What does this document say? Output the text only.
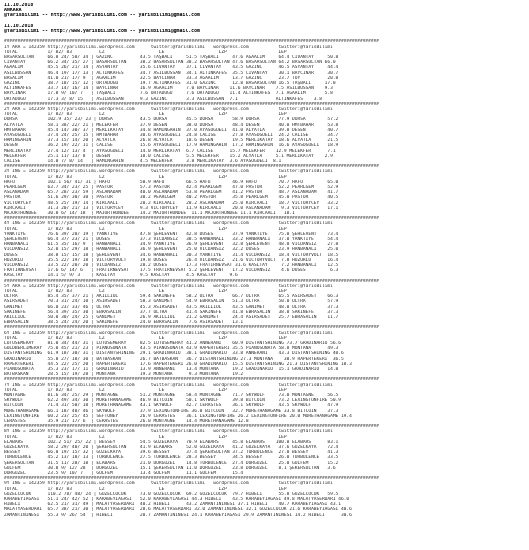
11.10.2018
ANKARA
@YarisBilimi -- http://www.yarisbilimi.com -- yarisbilimi@gmail.com
11.10.2018
@YarisBilimi -- http://www.yarisbilimi.com -- yarisbilimi@gmail.com
##########################################################################################################################################
1Y ARA = 142359 http://yarisbilimi.wordpress.com      twitter:@YarisBilimi   wordpress.com           twitter:@YarisBilimi
TOTAL           1/ 82/ 83          LZ                    LE                    LZP                   LEP
BASARSULTAN     66.8 24/ 50/ 34 | GAZINC          43.5 TAŞBALI     51.5 TAŞBALI     47.6 AGAALIM     64.4 CIVANTAY     50.8
CIVANTAY        66.2 34/ 35/ 27 | BASARSULTAN     38.2 BASARSULTAN 38.2 BASARSULTAN 47.6 BASARSULTAN 64.2 BASARSULTAN 66.0
AGAALIM         45.5 26/ 21/ 14 | ASYANTAY        35.6 CIVANTAY    37.1 CIVANTAY    43.5 GAZINC      46.5 ASYANTAY     44.4
ASILBUSSAN      46.4 19/ 17/ 13 | ALTINKAFES      34.7 ASILBUSSAN  34.1 ALTINKAFES  35.5 CIVANTAY    30.1 BAYCINAR     30.7
BASALIM         41.0 21/ 17/ 9  | AGAALIM         32.5 BAYCINAR    33.3 AGAALIM     13.7 GAZINC      23.7 TOY          20.8
GAZINC          38.7 18/ 15/ 12 | ORTADUGU        19.7 ALTINKAFES  31.0 GAZINC      12.8 BASARSULTAN 16.5 TAŞBALI     17.0
ALTINKAFES      33.7 14/ 16/ 14 | BAYCINAR        16.9 AGAALIM     7.0 BAYCINAR    11.6 BAYCINAR    7.5 ASILBUSSAN    9.3
BAYCINAR        17.8 9/ 10/ 7   | TAŞBALI         7.6 ORTADUGU     7.6 ORTADUGU    11.4 ALTINKAFES  7.1 AGAALIM       5.8
ORTADUGU        17.3 3/ 8/ 15   | ASILBUSSAN      9.3 GAZINC       3.3 ASILBUSSAN  7.1              ALTINKAFES    3.8
##########################################################################################################################################
2Y ARA = 142359 http://yarisbilimi.wordpress.com      twitter:@YarisBilimi   wordpress.com           twitter:@YarisBilimi
TOTAL           1/ 82/ 83          LZ                    LE                    LZP                   LEP
DORSA           102.9 35/ 23/ 23 | DORSA          43.5 DORSA       45.5 DORSA       58.9 DORSA       77.9 DORSA        57.2
ALYATLA         58.1 38/ 22/ 21 | MELEKFER        37.9 DESEN       38.0 DORSA       48.4 DESEN       40.0 HMTBAHAR     53.8
HMTBAHAR        45.4 14/ 30/ 37 | MERLIKATAY      34.8 HAMINGAHIN  37.0 AYASOGUELI  41.0 ALYATLA     39.8 DESEN        40.7
AYASOGUELI      37.4 24/ 25/ 15 | HMTBAHAR        30.6 AYASOGUELI  24.8 CALISE      27.8 AYASOGUELI  24.2 CALISE       34.7
HAMINGAHIN      37.3 15/ 14/ 20 | ALYATLA         26.8 ALYATLA     18.6 DESEN       19.5 MERLIKATAY  18.6 ALYATLA      21.5
DESEN           36.2 19/ 22/ 11 | CALISE          15.6 AYASOGUELI  17.9 HAMINGAHIN  17.2 HAMINGAHIN  16.6 AYASOGUELI   18.9
MERLIKATAY      27.4 12/ 13/ 4  | AYASOGUELI      14.0 MERLIKATAY  6.7 CALISE      15.7 MELEKFER    12.9 MELEKFER      7.1
MELEKFER        25.1 11/ 13/ 8  | DESEN           10.0 CALISE      5.5 MELEKFER    15.2 ALYATLA     5.1 MERLIKATAY    2.9
CALISE          14.0 7/ 8/ 14   | HAMINGAHIN      4.5 MELEKFER     3.8 MERLIKATAY  3.6 AYASOGUELI  8.1
##########################################################################################################################################
3Y ING = 142359 http://yarisbilimi.wordpress.com      twitter:@YarisBilimi   wordpress.com           twitter:@YarisBilimi
TOTAL           1/ 82/ 83          LZ                    LE                    LZP                   LEP
HAFO            102.1 56/ 41/ 31 | HAFO           50.9 HAFO        66.5 HAFO        46.9 HAFO        70.7 HAFO         65.0
PEARLGEM        63.7 34/ 23/ 25 | PASTOR          57.3 PASTOR      42.4 PEARLGEM    47.0 PASTOR      52.2 PEARLGEM     52.9
ASLANADAM       65.7 28/ 23/ 59 | ASLANADAM       40.0 ASLANADAM   53.8 PEARLGEM    41.2 PASTOR      48.7 ASLANADAM    41.7
PASTOR          51.6 29/ 30/ 30 | PASTOR          30.2 PEARLGEM    40.2 PASTOR      35.8 PEARLGEM    45.0 PASTOR       40.5
VICTORYCEY      48.5 25/ 19/ 14 | KIRCAALI        20.2 KIRCAALI    20.2 ASLANADAM   25.0 KIRCAALI    18.7 VICTORYCEY   33.2
KIRCAALI        31.3 20/ 21/ 13 | VICTORYCEY      9.3 VICTORYCEY   11.9 KIRCAALI    20.0 ASLANADAM    9.3 VICTORYCEY   17.1
MAJORTHUNDEE    30.8 6/ 14/ 18  | MAJORTHUNDEE    14.2 MAJORTHUNDEE  11.1 MAJORTHUNDEE 11.1 KIRCAALI   18.1
##########################################################################################################################################
4Y ING = 142359 http://yarisbilimi.wordpress.com      twitter:@YarisBilimi   wordpress.com           twitter:@YarisBilimi
TOTAL           1/ 82/ 83          LZ                    LE                    LZP                   LEP
YANKTIYE        76.6 39/ 20/ 19 | YANKTIYE        47.8 ŞEHLEVENT   42.8 DUSES       37.9 YANKTIYE    75.0 ŞEHLEVENT    73.4
ŞEHLEVENT       66.4 37/ 23/ 21 | DUSES           37.3 VICDANSIZ   38.5 HANBANALI   33.2 HANBANALI   37.0 YANKTIYE     54.4
HANBANALI       61.5 35/ 16/ 9  | HANBANALI       34.9 YANKTIYE    36.9 ŞEHLEVENT   32.8 ŞEHLEVENT   48.0 VICDANSIZ    27.8
VICDANSIZ       52.0 15/ 29/ 18 | HANBANALI       36.9 ŞEHLEVENT   25.0 VICDANSIZ   32.2 DUSES       23.9 HANBANALI    25.0
DUSES           38.8 15/ 15/ 18 | ŞEHLEVENT       34.6 HANBANALI   30.3 YANKTIYE    31.4 VICDANSIZ   18.4 VICTORYVOLT  18.5
HUZURLU         35.5 22/ 19/ 18 | VICTORYVOLT     19.8 DUSES       26.4 VICDANSIZ   21.6 VICTORYVOLT  7.8 HUZURLU      16.4
VICDANSIZ       33.5 22/ 20/ 20 | VICDANSIZ       20.2 DUSES       17.3 FRATIRNEVSAT 31.6 KASLTAY     7.2 HANBANALI    12.5
FRATIRNEVSAT    17.6 6/ 14/ 6   | FRATIRNEVSAT    17.5 FRATIRNEVSAT 5.2 ŞEHLEVENT   17.2 VICDANSIZ    4.6 DUSES         6.3
KASLTAY         14.1 5/ 9/ 3    | KASLTAY         9.5 KASLTAY      4.5 KASLTAY     9.6
##########################################################################################################################################
5Y ARA = 142359 http://yarisbilimi.wordpress.com      twitter:@YarisBilimi   wordpress.com           twitter:@YarisBilimi
TOTAL           1/ 82/ 83          LZ                    LE                    LZP                   LEP
ULTRA           85.4 35/ 37/ 21 | AKILLIOL        59.4 SAKINEFE    58.2 ULTRA       66.7 ULTRA       65.5 ASIRSADET    66.3
ASIRSADET       70.3 31/ 24/ 10 | ASIRSADET       58.3 GANIMET     54.9 EBRASALIN   51.3 ULTRA       50.0 ULTRA        57.9
GANIMET         66.0 23/ 33/ 46 | ULTRA           45.3 ASIRSADET   43.5 AKILLIOL    43.5 GANIMET     48.0 ULTRA        37.3
SAKINEFE        56.4 39/ 35/ 30 | EBRASALIN       37.7 ULTRA       41.4 SAKINEFE    41.8 EBRASALIN   38.0 SAKINEFE     37.3
AKILLIOL        50.0 30/ 24/ 25 | GANIMET         26.9 AKILLIOL    21.2 GANIMET     24.4 ASIRSADET   25.7 EBRASALIN    11.7
EBRASALIN       38.5 24/ 24/ 20 | SAKINEFE        24.0 EBRASALIN    7.6 ASIRSADET   13.1
##########################################################################################################################################
6Y ING = 142359 http://yarisbilimi.wordpress.com      twitter:@YarisBilimi   wordpress.com           twitter:@YarisBilimi
TOTAL           1/ 82/ 83          LZ                    LE                    LZP                   LEP
LOTUSEMERAY     81.0 34/ 44/ 31 | LOTUSEMERAY     82.5 LOTUSEMERAY 41.2 ANNERANI    60.9 DISTANTSHINING 73.7 GRADINARIO 56.6
GOLDBERLIMERAY  75.0 45/ 21/ 23 | PIANOSONATA     43.5 PIANOSONATA 43.9 RAPERTEKERI 35.5 PIANOSONATA 58.8 MONTANA      49.3
DISTANTSHINING  61.9 18/ 30/ 31 | DISTANTSHINING  29.1 GRADINARIO  38.1 GRADINARIO  33.8 ANNERANI    43.3 DISTANTSHINING 40.6
GRADINARIO      55.8 27/ 18/ 30 | BATBASKAN       26.7 BATBASKAN   36.7 DISTANTSHINING 27.3 MONTANA    30.9 RAPERTEKERI  36.5
RAPERTEKERI     44.5 22/ 25/ 20 | RAPERTEKERI     17.6 RAPERTEKERI 26.0 GRADINARIO  15.5 DISTANTSHINING 21.3 DISTANTSHINING 18.3
PIANOSONATA     35.3 23/ 17/ 11 | GRADINARIO      13.9 ANNERANI    13.4 MONTANA     19.2 GRADINARIO  15.1 GRADINARIO   14.8
BATBASKAN       28.5 15/ 19/ 28 | MONTANA         19.3 MONTANA      9.3 MONTANA     19.2
##########################################################################################################################################
7Y ING = 142359 http://yarisbilimi.wordpress.com      twitter:@YarisBilimi   wordpress.com           twitter:@YarisBilimi
TOTAL           1/ 82/ 83          LZ                    LE                    LZP                   LEP
MONTAGNE        81.6 34/ 25/ 29 | MONTAGNE        51.2 MONTAGNE    58.4 MONTAGNE    71.7 SKYWOLF     73.0 MONTAGNE     56.5
SKYWOLF         62.2 49/ 34/ 30 | MORETHANAGAME   46.9 BITCOIN     50.1 SKYWOLF     39.8 BITCOIN     73.2 LEXINGTONFIRE 50.9
BITCOIN         71.4 31/ 50/ 18 | MORETHANAGAME   43.1 SKYWOLF     42.7 CERASTES    36.1 SKYWOLF     43.5 SKYWOLF      47.9
MORETHANAGAME   66.1 18/ 40/ 46 | SKYWOLF         37.9 LEXINGTONFIRE 36.0 BITCOIN   32.7 MORETHANAGAME 33.8 BITCOIN    37.3
LEXINGTONFIRE   60.2 23/ 25/ 45 | SEFTONEY        26.9 CERASTES    36.1 LEXINGTONFIRE 26.2 LEXINGTONFIRE 20.0 MORETHANAGAME 19.4
CERASTES        35.9 21/ 17/ 6  | CERASTES        26.0 MONTAGNE    14.4 MORETHANAGAME 12.8
##########################################################################################################################################
8Y ING = 142359 http://yarisbilimi.wordpress.com      twitter:@YarisBilimi   wordpress.com           twitter:@YarisBilimi
TOTAL           1/ 82/ 83          LZ                    LE                    LZP                   LEP
ELABARS         102.2 51/ 25/ 22 | BESSEY         54.5 GUZELKAYA   70.9 ELABARS     45.8 ELABARS    100.0 ELABARS      83.1
GUZELKAYA       58.2 29/ 40/ 20 | ŞEKERSULTAN     41.9 ELABARS     52.0 GUZELKAYA   41.2 GUZELKAYA   37.6 GUZELKAYA    72.4
BESSEY          66.8 19/ 15/ 32 | GUZELKAYA       39.6 BESSEY      37.4 ŞEKERSULTAN 37.2 TURBULENCE  27.0 BESSEY       41.3
TURBULENCE      45.2 13/ 18/ 13 | TURBULENCE      27.5 TURBULENCE  28.3 BESSEY      34.5 BESSEY      26.0 TURBULENCE   33.5
ŞEKERSULTAN     31.5 11/ 20/ 18 | ELABARS         21.0 DORGUZEL    14.8 TURBULENCE  27.4 DORGUZEL    25.0 GULFEM       15.2
GULFEM          30.8 9/ 12/ 28  | DORGUZEL        15.1 ŞEKERSULTAN 11.0 DORGUZEL    23.8 DORGUZEL    8.1 ŞEKERSULTAN   3.6
DORGUZEL        23.5 9/ 10/ 7   | GULFEM          13.4 GULFEM      11.1 GULFEM      15.4
##########################################################################################################################################
9Y ING = 142359 http://yarisbilimi.wordpress.com      twitter:@YarisBilimi   wordpress.com           twitter:@YarisBilimi
TOTAL           1/ 82/ 83          LZ                    LE                    LZP                   LEP
GUZELCOCUK      110.2 78/ 48/ 24 | GUZELCOCUK     73.0 GUZELCOCUK  69.2 GUZELCOCUK  79.7 HIBELI      55.8 GUZELCOCUK   59.5
KARABEYIAGASI   51.1 24/ 42/ 52 | KARABEYIAGASI   52.0 KARABEYIAGASI 44.3 HIBELI    43.5 KARABEYIAGASI 49.8 MALATYASERDARI 46.0
HIBELI          62.5 21/ 31/ 49 | MALATYASERDARI  40.2 HIBELI      43.2 ZAMANTININESI 37.1 HIBELI    40.7 KARABEYIAGASI 43.1
MALATYASERDARI  65.7 38/ 21/ 30 | MALATYASERDARI  28.6 MALATYASERDARI 32.0 ZAMANTININESI 32.1 GUZELCOCUK 21.6 KARABEYIAGASI 40.6
ZAMANTININESI   55.3 9/ 26/ 54  | HIBELI          20.7 ZAMANTININESI 24.1 KARABEYIAGASI 29.9 ZAMANTININESI 14.2 HIBELI      30.6
